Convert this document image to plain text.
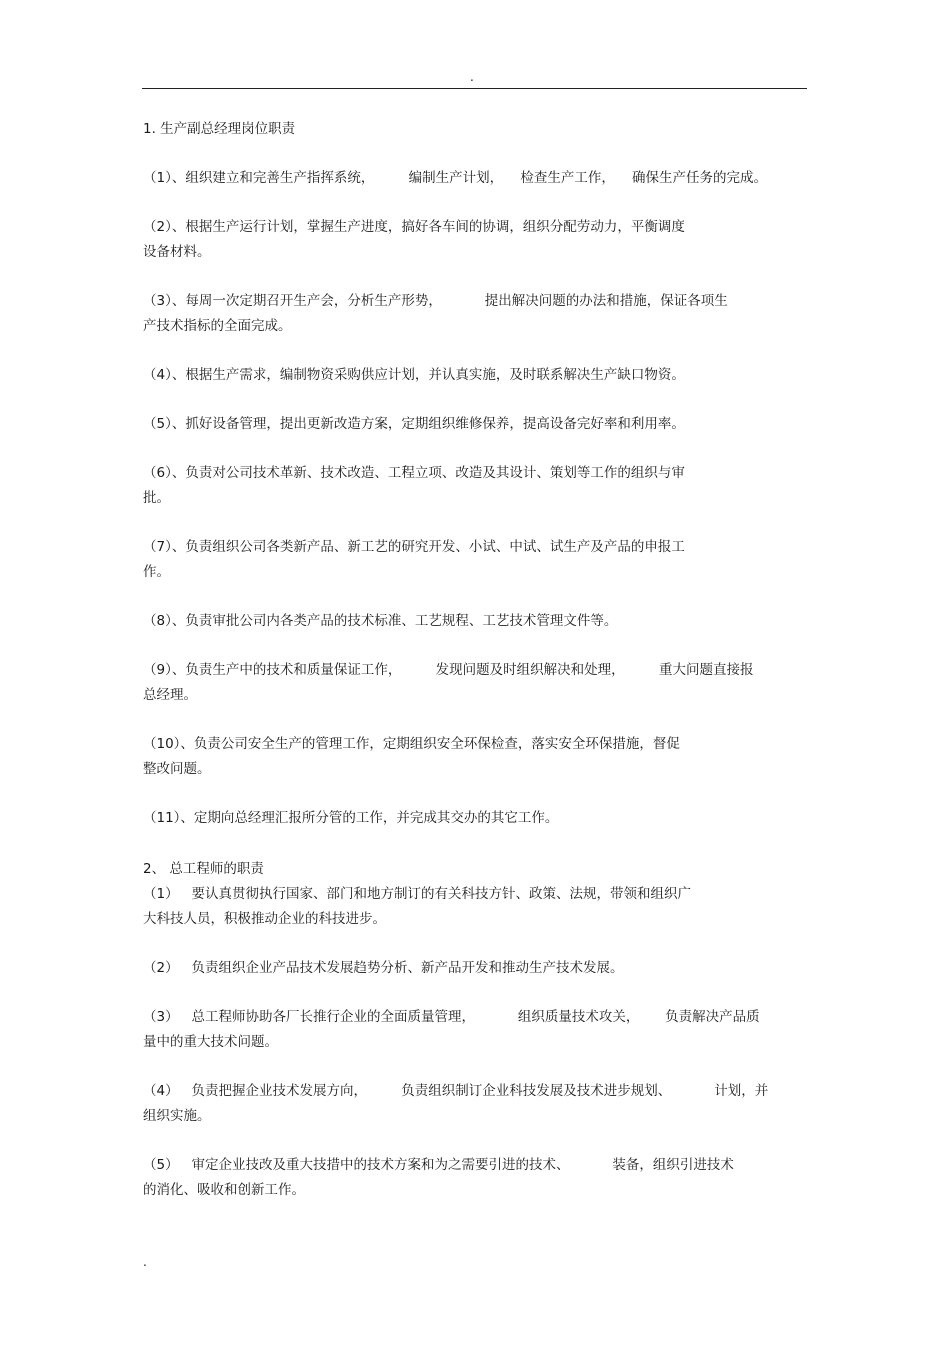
.
1. 生产副总经理岗位职责
（1）、组织建立和完善生产指挥系统，        编制生产计划，    检查生产工作，    确保生产任务的完成。
（2）、根据生产运行计划，掌握生产进度，搞好各车间的协调，组织分配劳动力，平衡调度
设备材料。
（3）、每周一次定期召开生产会，分析生产形势，          提出解决问题的办法和措施，保证各项生
产技术指标的全面完成。
（4）、根据生产需求，编制物资采购供应计划，并认真实施，及时联系解决生产缺口物资。
（5）、抓好设备管理，提出更新改造方案，定期组织维修保养，提高设备完好率和利用率。
（6）、负责对公司技术革新、技术改造、工程立项、改造及其设计、策划等工作的组织与审
批。
（7）、负责组织公司各类新产品、新工艺的研究开发、小试、中试、试生产及产品的申报工
作。
（8）、负责审批公司内各类产品的技术标准、工艺规程、工艺技术管理文件等。
（9）、负责生产中的技术和质量保证工作，        发现问题及时组织解决和处理，        重大问题直接报
总经理。
（10）、负责公司安全生产的管理工作，定期组织安全环保检查，落实安全环保措施，督促
整改问题。
（11）、定期向总经理汇报所分管的工作，并完成其交办的其它工作。
2、 总工程师的职责
（1）   要认真贯彻执行国家、部门和地方制订的有关科技方针、政策、法规，带领和组织广
大科技人员，积极推动企业的科技进步。
（2）   负责组织企业产品技术发展趋势分析、新产品开发和推动生产技术发展。
（3）   总工程师协助各厂长推行企业的全面质量管理，          组织质量技术攻关，      负责解决产品质
量中的重大技术问题。
（4）   负责把握企业技术发展方向，        负责组织制订企业科技发展及技术进步规划、          计划，并
组织实施。
（5）   审定企业技改及重大技措中的技术方案和为之需要引进的技术、          装备，组织引进技术
的消化、吸收和创新工作。
.
